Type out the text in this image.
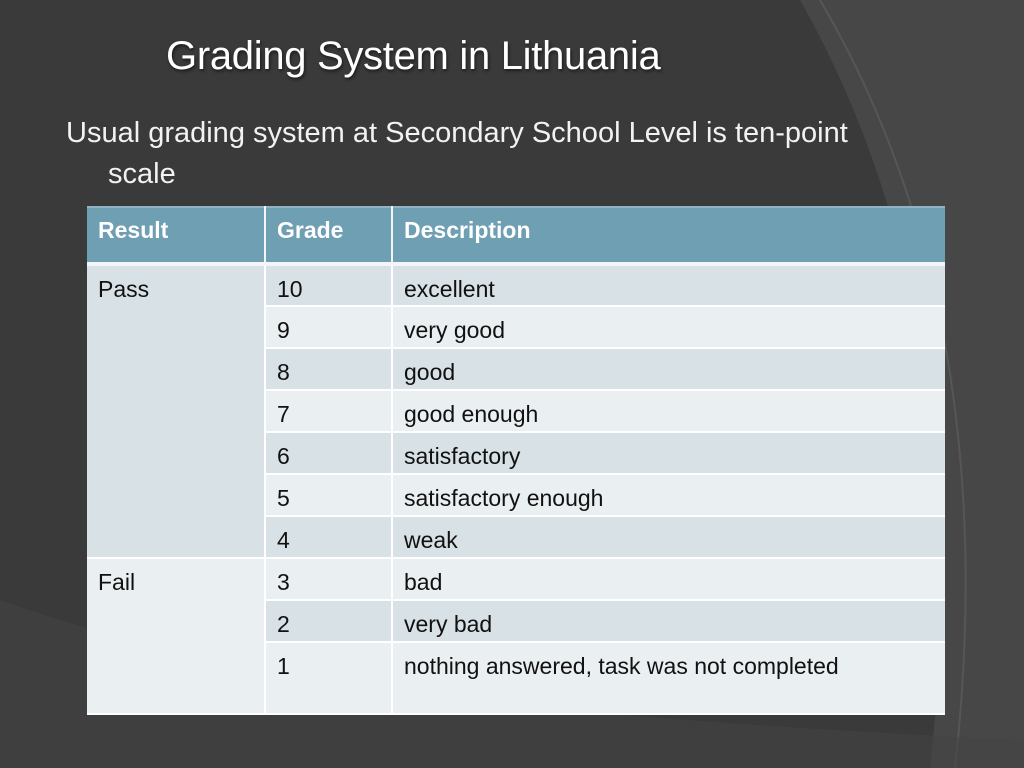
Grading System in Lithuania
Usual grading system at Secondary School Level is ten-point scale
Result	Grade	Description
Pass	10	excellent
	9	very good
	8	good
	7	good enough
	6	satisfactory
	5	satisfactory enough
	4	weak
Fail	3	bad
	2	very bad
	1	nothing answered, task was not completed
